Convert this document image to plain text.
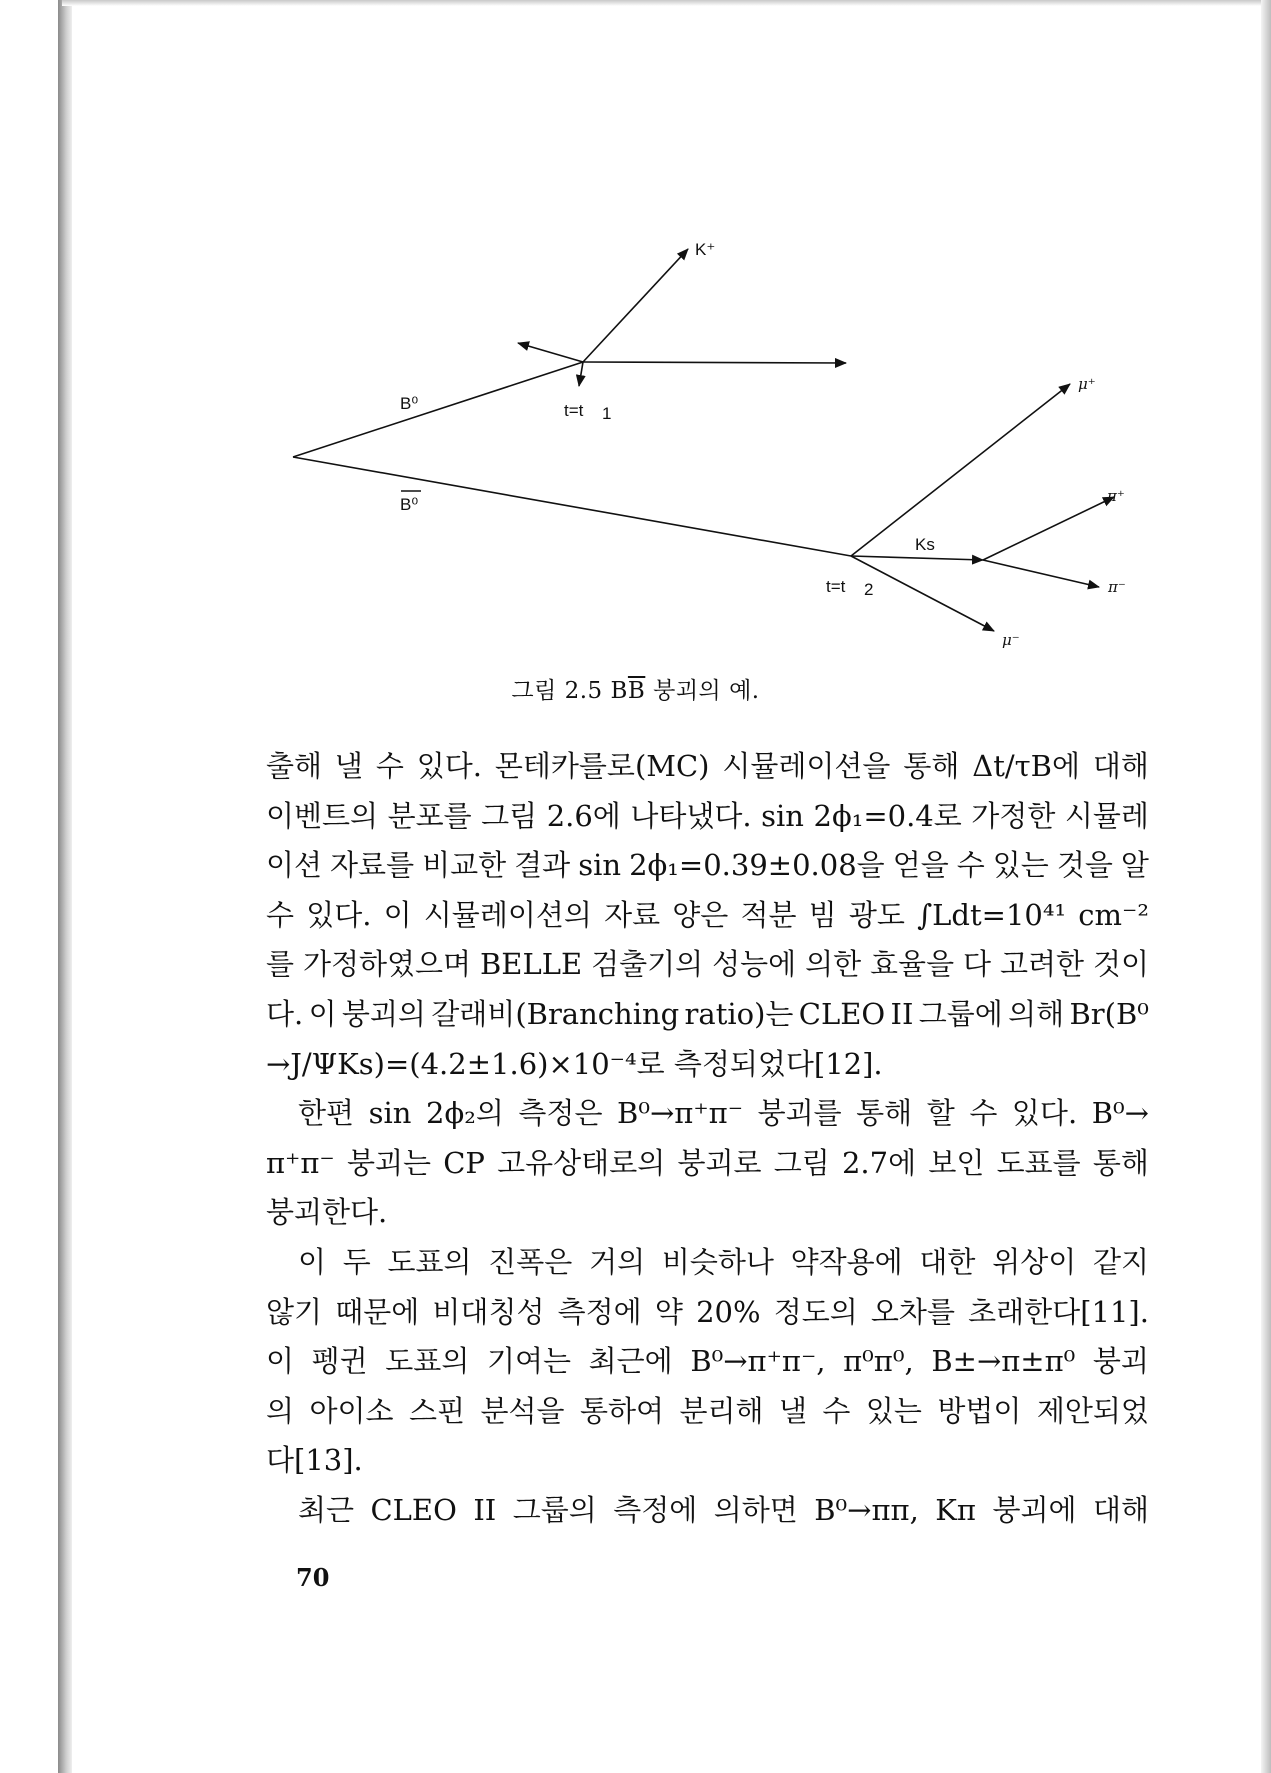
K⁺
B⁰
B⁰
t=t 1
t=t 2
μ⁺
π⁺
Ks
π⁻
μ⁻
그림 2.5 $B\overline{B}$ 붕괴의 예.
출해 낼 수 있다. 몬테카를로(MC) 시뮬레이션을 통해 Δt/τB에 대해
이벤트의 분포를 그림 2.6에 나타냈다. sin 2ϕ₁=0.4로 가정한 시뮬레
이션 자료를 비교한 결과 sin 2ϕ₁=0.39±0.08을 얻을 수 있는 것을 알
수 있다. 이 시뮬레이션의 자료 양은 적분 빔 광도 ∫Ldt=10⁴¹ cm⁻²
를 가정하였으며 BELLE 검출기의 성능에 의한 효율을 다 고려한 것이
다. 이 붕괴의 갈래비(Branching ratio)는 CLEO II 그룹에 의해 Br(B⁰
→J/ΨKs)=(4.2±1.6)×10⁻⁴로 측정되었다[12].
한편 sin 2ϕ₂의 측정은 B⁰→π⁺π⁻ 붕괴를 통해 할 수 있다. B⁰→
π⁺π⁻ 붕괴는 CP 고유상태로의 붕괴로 그림 2.7에 보인 도표를 통해
붕괴한다.
이 두 도표의 진폭은 거의 비슷하나 약작용에 대한 위상이 같지
않기 때문에 비대칭성 측정에 약 20% 정도의 오차를 초래한다[11].
이 펭귄 도표의 기여는 최근에 B⁰→π⁺π⁻, π⁰π⁰, B±→π±π⁰ 붕괴
의 아이소 스핀 분석을 통하여 분리해 낼 수 있는 방법이 제안되었
다[13].
최근 CLEO II 그룹의 측정에 의하면 B⁰→ππ, Kπ 붕괴에 대해
70
